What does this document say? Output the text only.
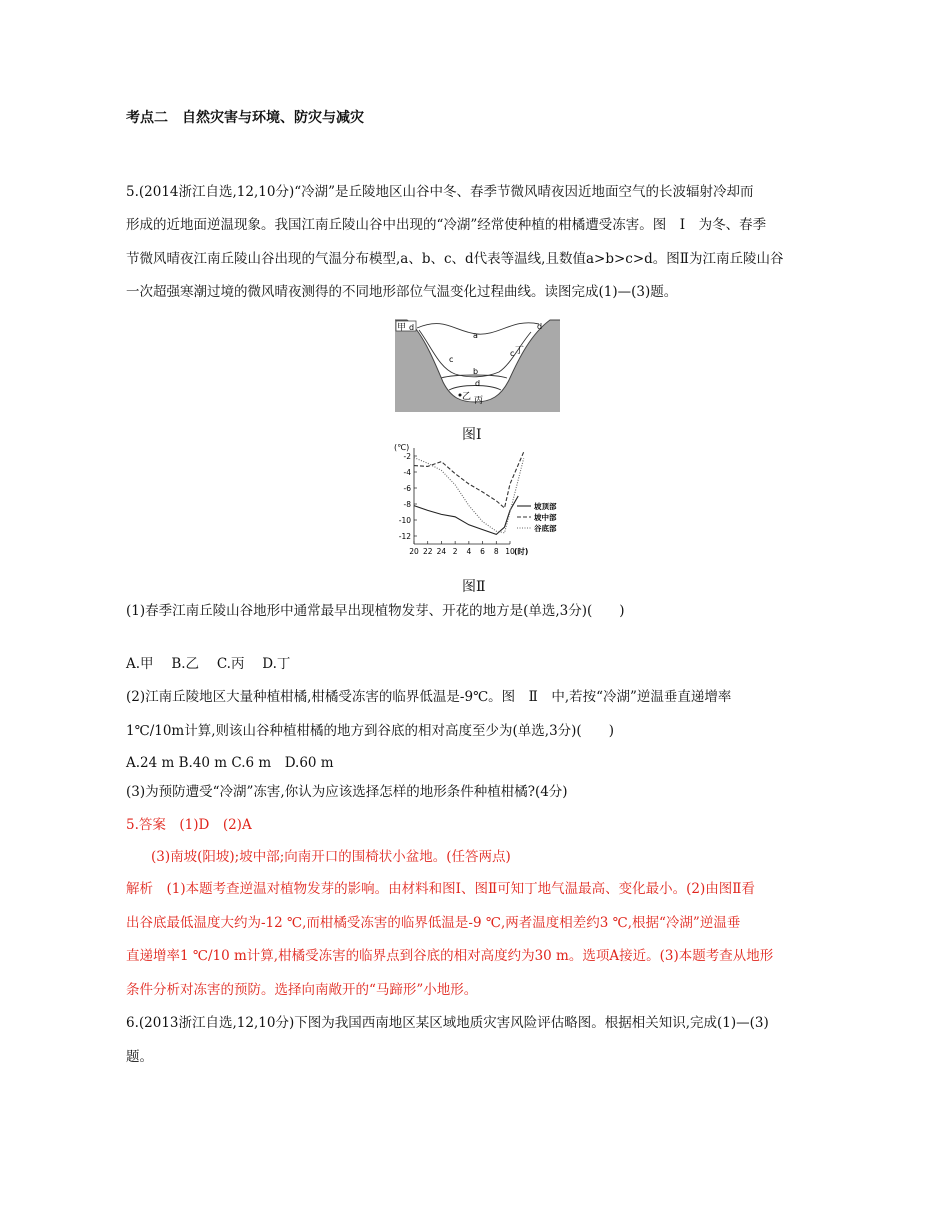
考点二　自然灾害与环境、防灾与减灾
5.(2014浙江自选,12,10分)“冷湖”是丘陵地区山谷中冬、春季节微风晴夜因近地面空气的长波辐射冷却而
形成的近地面逆温现象。我国江南丘陵山谷中出现的“冷湖”经常使种植的柑橘遭受冻害。图　Ⅰ　为冬、春季
节微风晴夜江南丘陵山谷出现的气温分布模型,a、b、c、d代表等温线,且数值a>b>c>d。图Ⅱ为江南丘陵山谷
一次超强寒潮过境的微风晴夜测得的不同地形部位气温变化过程曲线。读图完成(1)—(3)题。
甲 d
a
d
c
c 丁
b
d
乙 丙
图Ⅰ
(℃)
-2
-4
-6
-8
-10
-12
20 22 24 2 4 6 8 10 (时)
坡顶部
坡中部
谷底部
图Ⅱ
(1)春季江南丘陵山谷地形中通常最早出现植物发芽、开花的地方是(单选,3分)(　　)
A.甲　 B.乙　 C.丙　 D.丁
(2)江南丘陵地区大量种植柑橘,柑橘受冻害的临界低温是-9℃。图　Ⅱ　中,若按“冷湖”逆温垂直递增率
1℃/10m计算,则该山谷种植柑橘的地方到谷底的相对高度至少为(单选,3分)(　　)
A.24 m B.40 m C.6 m　D.60 m
(3)为预防遭受“冷湖”冻害,你认为应该选择怎样的地形条件种植柑橘?(4分)
5.答案　(1)D　(2)A
(3)南坡(阳坡);坡中部;向南开口的围椅状小盆地。(任答两点)
解析　(1)本题考查逆温对植物发芽的影响。由材料和图Ⅰ、图Ⅱ可知丁地气温最高、变化最小。(2)由图Ⅱ看
出谷底最低温度大约为-12 ℃,而柑橘受冻害的临界低温是-9 ℃,两者温度相差约3 ℃,根据“冷湖”逆温垂
直递增率1 ℃/10 m计算,柑橘受冻害的临界点到谷底的相对高度约为30 m。选项A接近。(3)本题考查从地形
条件分析对冻害的预防。选择向南敞开的“马蹄形”小地形。
6.(2013浙江自选,12,10分)下图为我国西南地区某区域地质灾害风险评估略图。根据相关知识,完成(1)—(3)
题。
